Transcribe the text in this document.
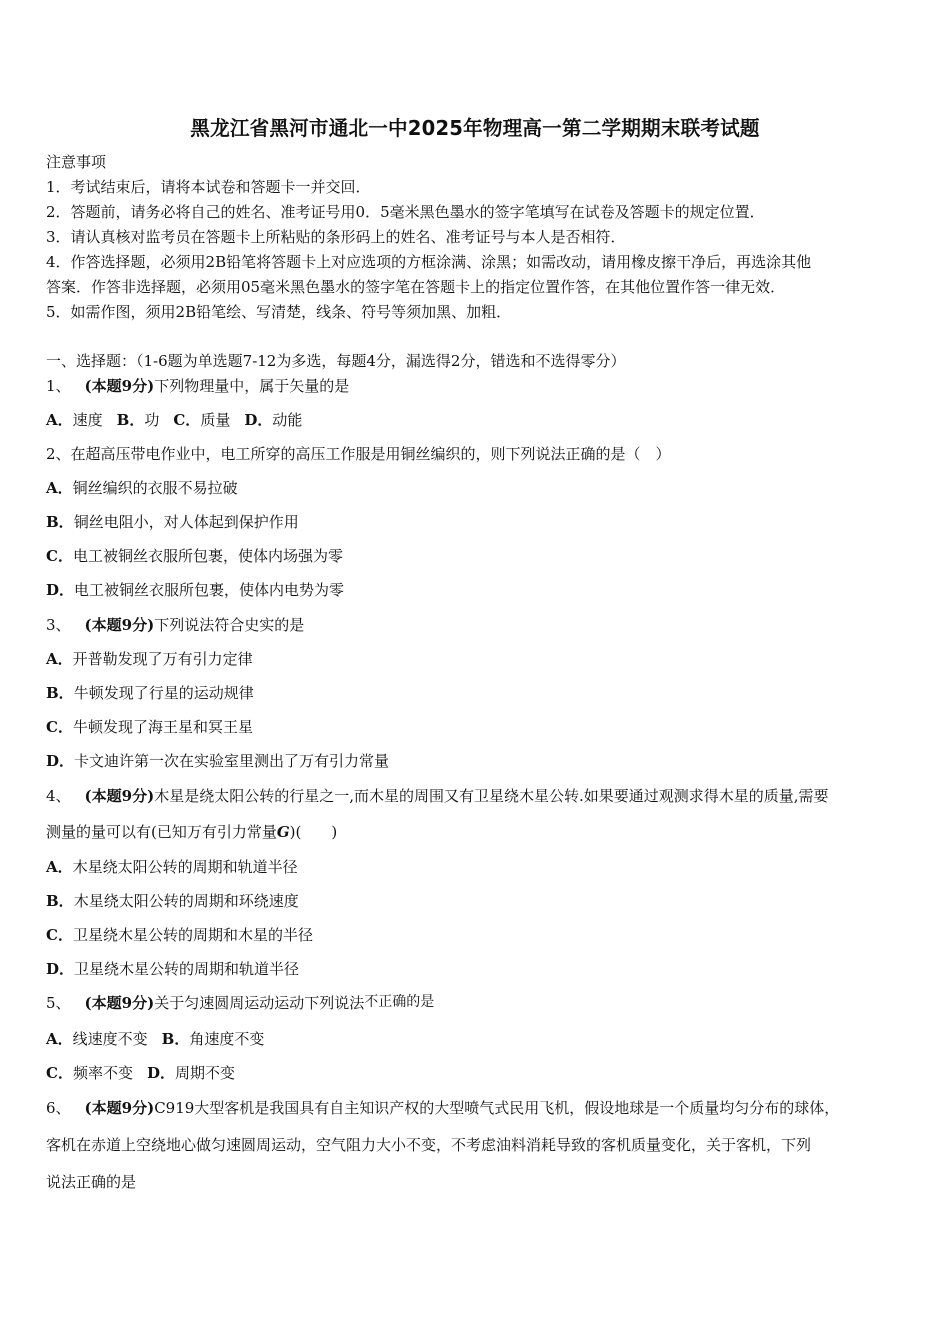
黑龙江省黑河市通北一中2025年物理高一第二学期期末联考试题
注意事项
1．考试结束后，请将本试卷和答题卡一并交回．
2．答题前，请务必将自己的姓名、准考证号用0．5毫米黑色墨水的签字笔填写在试卷及答题卡的规定位置．
3．请认真核对监考员在答题卡上所粘贴的条形码上的姓名、准考证号与本人是否相符．
4．作答选择题，必须用2B铅笔将答题卡上对应选项的方框涂满、涂黑；如需改动，请用橡皮擦干净后，再选涂其他
答案．作答非选择题，必须用05毫米黑色墨水的签字笔在答题卡上的指定位置作答，在其他位置作答一律无效．
5．如需作图，须用2B铅笔绘、写清楚，线条、符号等须加黑、加粗．
一、选择题：（1-6题为单选题7-12为多选，每题4分，漏选得2分，错选和不选得零分）
1、 (本题9分)下列物理量中，属于矢量的是
A．速度 B．功 C．质量 D．动能
2、在超高压带电作业中，电工所穿的高压工作服是用铜丝编织的，则下列说法正确的是（　）
A．铜丝编织的衣服不易拉破
B．铜丝电阻小，对人体起到保护作用
C．电工被铜丝衣服所包裹，使体内场强为零
D．电工被铜丝衣服所包裹，使体内电势为零
3、 (本题9分)下列说法符合史实的是
A．开普勒发现了万有引力定律
B．牛顿发现了行星的运动规律
C．牛顿发现了海王星和冥王星
D．卡文迪许第一次在实验室里测出了万有引力常量
4、 (本题9分)木星是绕太阳公转的行星之一,而木星的周围又有卫星绕木星公转.如果要通过观测求得木星的质量,需要
测量的量可以有(已知万有引力常量G)(　　)
A．木星绕太阳公转的周期和轨道半径
B．木星绕太阳公转的周期和环绕速度
C．卫星绕木星公转的周期和木星的半径
D．卫星绕木星公转的周期和轨道半径
5、 (本题9分)关于匀速圆周运动运动下列说法不正确的是
A．线速度不变 B．角速度不变
C．频率不变 D．周期不变
6、 (本题9分)C919大型客机是我国具有自主知识产权的大型喷气式民用飞机，假设地球是一个质量均匀分布的球体，
客机在赤道上空绕地心做匀速圆周运动，空气阻力大小不变，不考虑油料消耗导致的客机质量变化，关于客机，下列
说法正确的是
